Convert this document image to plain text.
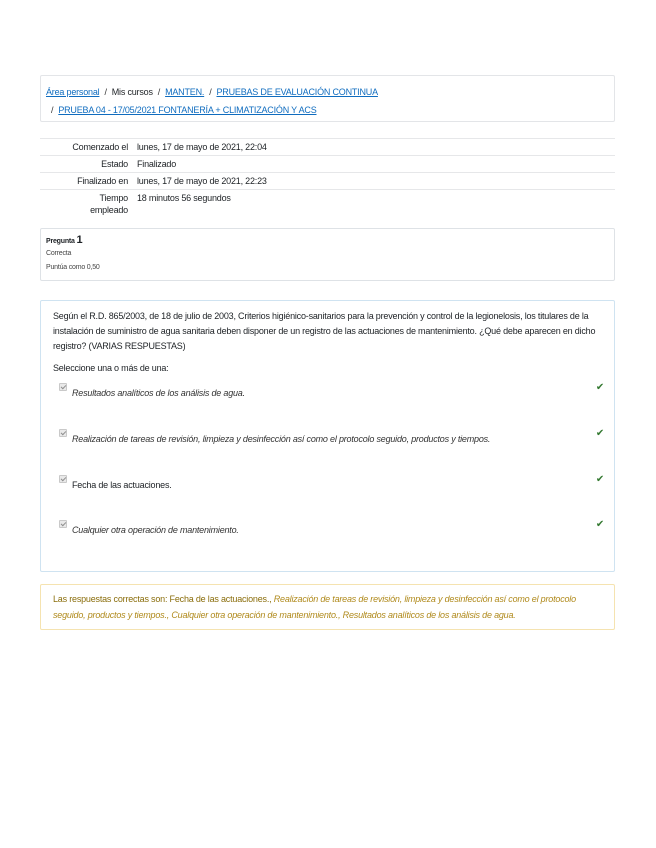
Área personal / Mis cursos / MANTEN. / PRUEBAS DE EVALUACIÓN CONTINUA
/ PRUEBA 04 - 17/05/2021 FONTANERÍA + CLIMATIZACIÓN Y ACS
Comenzado el	lunes, 17 de mayo de 2021, 22:04
Estado	Finalizado
Finalizado en	lunes, 17 de mayo de 2021, 22:23
Tiempo
empleado
18 minutos 56 segundos
Pregunta 1
Correcta
Puntúa como 0,50
Según el R.D. 865/2003, de 18 de julio de 2003, Criterios higiénico-sanitarios para la prevención y control de la legionelosis, los titulares de la instalación de suministro de agua sanitaria deben disponer de un registro de las actuaciones de mantenimiento. ¿Qué debe aparecen en dicho registro? (VARIAS RESPUESTAS)
Seleccione una o más de una:
Resultados analíticos de los análisis de agua.	✔
Realización de tareas de revisión, limpieza y desinfección así como el protocolo seguido, productos y tiempos.	✔
Fecha de las actuaciones.	✔
Cualquier otra operación de mantenimiento.	✔
Las respuestas correctas son: Fecha de las actuaciones., Realización de tareas de revisión, limpieza y desinfección así como el protocolo seguido, productos y tiempos., Cualquier otra operación de mantenimiento., Resultados analíticos de los análisis de agua.
